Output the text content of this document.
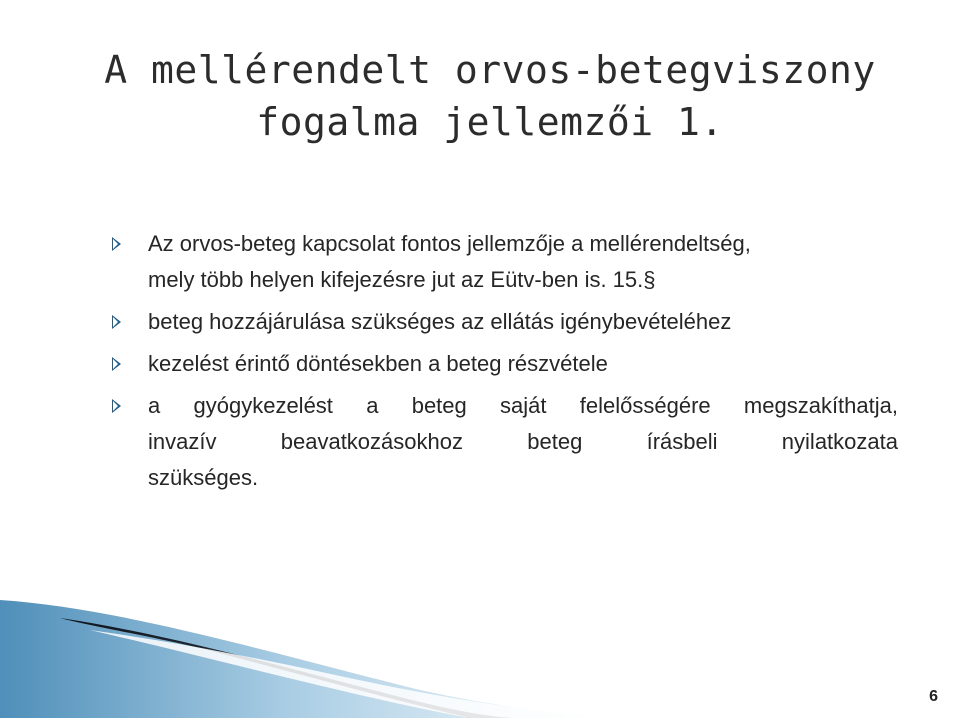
A mellérendelt orvos-betegviszony
fogalma jellemzői 1.
Az orvos-beteg kapcsolat fontos jellemzője a mellérendeltség,
mely több helyen kifejezésre jut az Eütv-ben is. 15.§
beteg hozzájárulása szükséges az ellátás igénybevételéhez
kezelést érintő döntésekben a beteg részvétele
a gyógykezelést a beteg saját felelősségére megszakíthatja,
invazív beavatkozásokhoz beteg írásbeli nyilatkozata
szükséges.
6
